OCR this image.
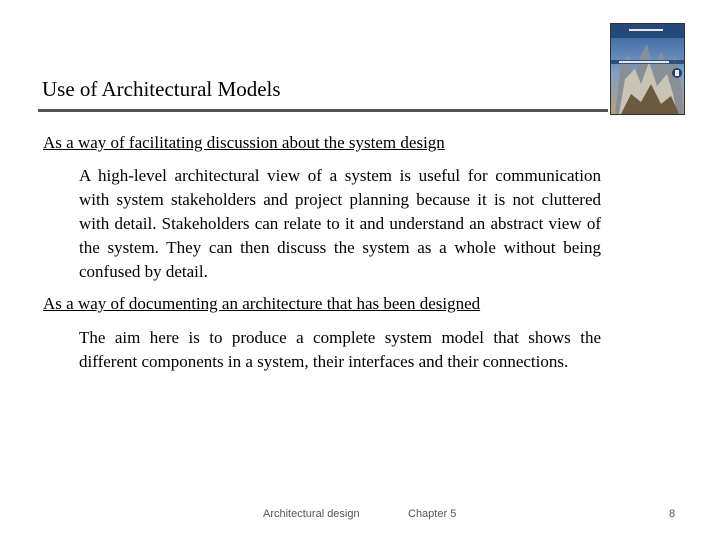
Use of Architectural Models
As a way of facilitating discussion about the system design
A high-level architectural view of a system is useful for communication with system stakeholders and project planning because it is not cluttered with detail. Stakeholders can relate to it and understand an abstract view of the system. They can then discuss the system as a whole without being confused by detail.
As a way of documenting an architecture that has been designed
The aim here is to produce a complete system model that shows the different components in a system, their interfaces and their connections.
Architectural design	Chapter 5	8
